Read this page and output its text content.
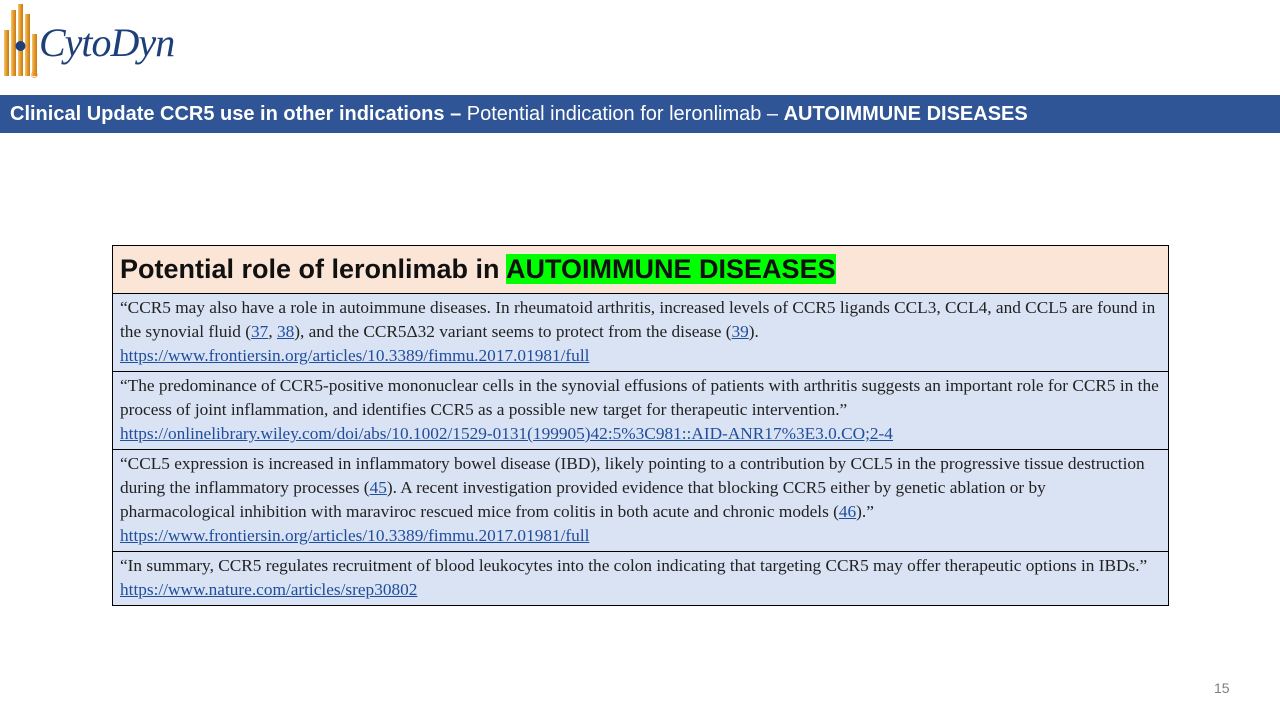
CytoDyn
®
Clinical Update CCR5 use in other indications – Potential indication for leronlimab – AUTOIMMUNE DISEASES
Potential role of leronlimab in AUTOIMMUNE DISEASES
“CCR5 may also have a role in autoimmune diseases. In rheumatoid arthritis, increased levels of CCR5 ligands CCL3, CCL4, and CCL5 are found in the synovial fluid (37, 38), and the CCR5Δ32 variant seems to protect from the disease (39).
https://www.frontiersin.org/articles/10.3389/fimmu.2017.01981/full
“The predominance of CCR5-positive mononuclear cells in the synovial effusions of patients with arthritis suggests an important role for CCR5 in the process of joint inflammation, and identifies CCR5 as a possible new target for therapeutic intervention.”
https://onlinelibrary.wiley.com/doi/abs/10.1002/1529-0131(199905)42:5%3C981::AID-ANR17%3E3.0.CO;2-4
“CCL5 expression is increased in inflammatory bowel disease (IBD), likely pointing to a contribution by CCL5 in the progressive tissue destruction during the inflammatory processes (45). A recent investigation provided evidence that blocking CCR5 either by genetic ablation or by pharmacological inhibition with maraviroc rescued mice from colitis in both acute and chronic models (46).”
https://www.frontiersin.org/articles/10.3389/fimmu.2017.01981/full
“In summary, CCR5 regulates recruitment of blood leukocytes into the colon indicating that targeting CCR5 may offer therapeutic options in IBDs.”
https://www.nature.com/articles/srep30802
15
